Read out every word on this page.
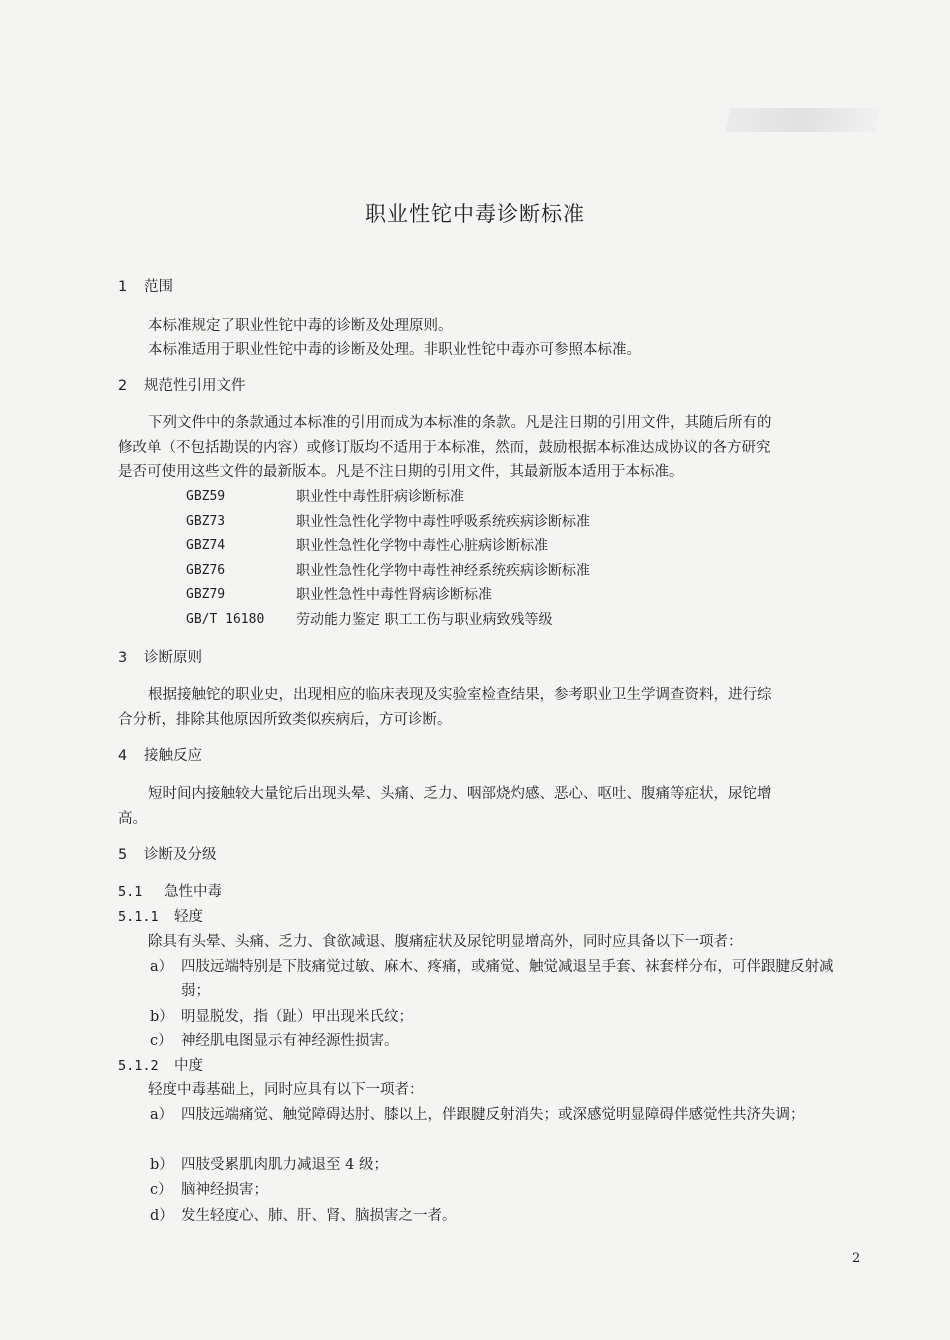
职业性铊中毒诊断标准
1 范围
本标准规定了职业性铊中毒的诊断及处理原则。
本标准适用于职业性铊中毒的诊断及处理。非职业性铊中毒亦可参照本标准。
2 规范性引用文件
下列文件中的条款通过本标准的引用而成为本标准的条款。凡是注日期的引用文件，其随后所有的
修改单（不包括勘误的内容）或修订版均不适用于本标准，然而，鼓励根据本标准达成协议的各方研究
是否可使用这些文件的最新版本。凡是不注日期的引用文件，其最新版本适用于本标准。
GBZ59	职业性中毒性肝病诊断标准
GBZ73	职业性急性化学物中毒性呼吸系统疾病诊断标准
GBZ74	职业性急性化学物中毒性心脏病诊断标准
GBZ76	职业性急性化学物中毒性神经系统疾病诊断标准
GBZ79	职业性急性中毒性肾病诊断标准
GB/T 16180 劳动能力鉴定 职工工伤与职业病致残等级
3 诊断原则
根据接触铊的职业史，出现相应的临床表现及实验室检查结果，参考职业卫生学调查资料，进行综
合分析，排除其他原因所致类似疾病后，方可诊断。
4 接触反应
短时间内接触较大量铊后出现头晕、头痛、乏力、咽部烧灼感、恶心、呕吐、腹痛等症状，尿铊增
高。
5 诊断及分级
5.1 急性中毒
5.1.1 轻度
除具有头晕、头痛、乏力、食欲减退、腹痛症状及尿铊明显增高外，同时应具备以下一项者：
a） 四肢远端特别是下肢痛觉过敏、麻木、疼痛，或痛觉、触觉减退呈手套、袜套样分布，可伴跟腱反射减弱；
b） 明显脱发，指（趾）甲出现米氏纹；
c） 神经肌电图显示有神经源性损害。
5.1.2 中度
轻度中毒基础上，同时应具有以下一项者：
a） 四肢远端痛觉、触觉障碍达肘、膝以上，伴跟腱反射消失；或深感觉明显障碍伴感觉性共济失调；
b） 四肢受累肌肉肌力减退至 4 级；
c） 脑神经损害；
d） 发生轻度心、肺、肝、肾、脑损害之一者。
2
